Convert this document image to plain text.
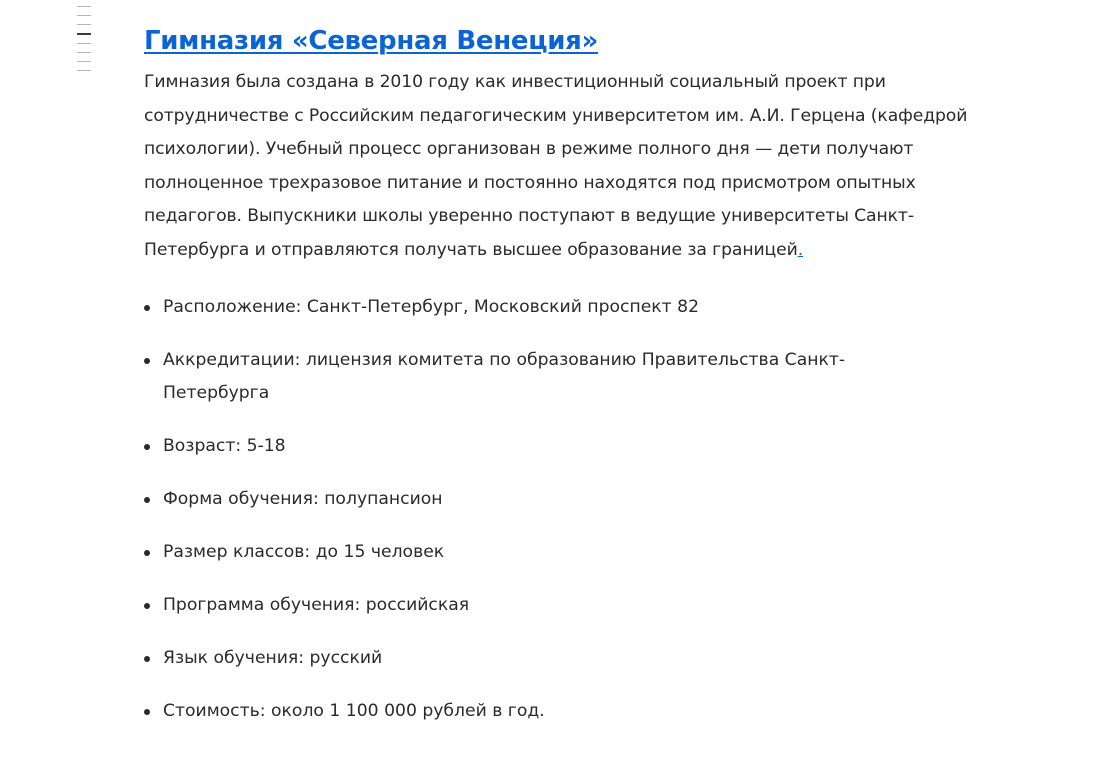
Гимназия «Северная Венеция»

Гимназия была создана в 2010 году как инвестиционный социальный проект при сотрудничестве с Российским педагогическим университетом им. А.И. Герцена (кафедрой психологии). Учебный процесс организован в режиме полного дня — дети получают полноценное трехразовое питание и постоянно находятся под присмотром опытных педагогов. Выпускники школы уверенно поступают в ведущие университеты Санкт-Петербурга и отправляются получать высшее образование за границей.

Расположение: Санкт-Петербург, Московский проспект 82
Аккредитации: лицензия комитета по образованию Правительства Санкт-Петербурга
Возраст: 5-18
Форма обучения: полупансион
Размер классов: до 15 человек
Программа обучения: российская
Язык обучения: русский
Стоимость: около 1 100 000 рублей в год.
